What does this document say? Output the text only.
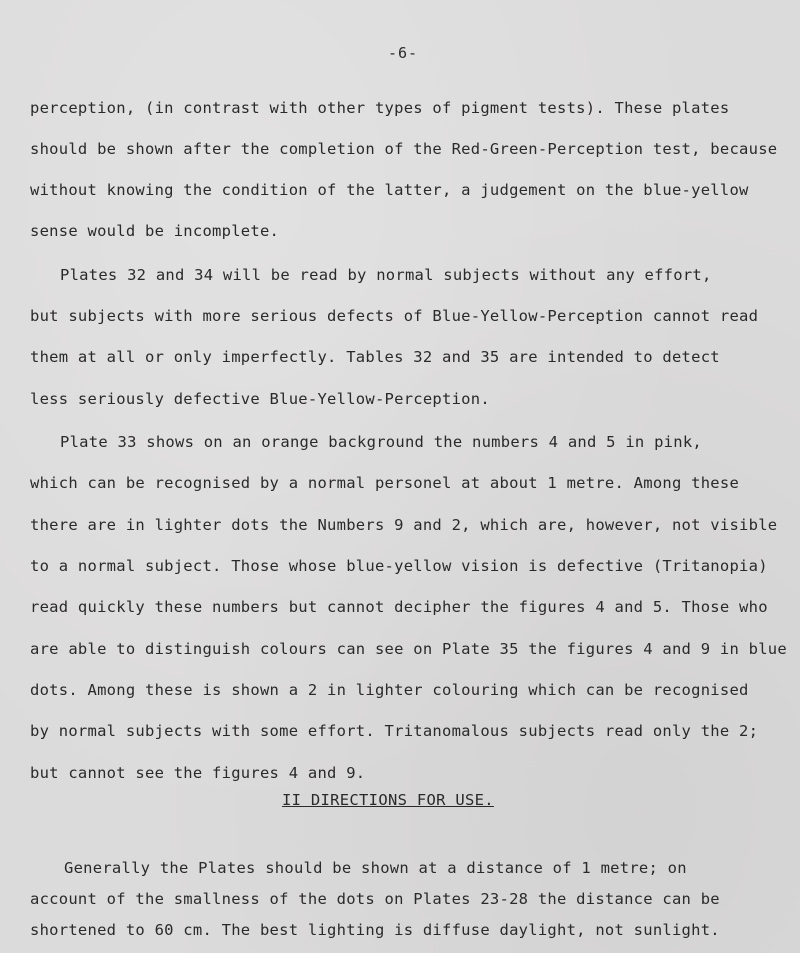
-6-
perception, (in contrast with other types of pigment tests). These plates
should be shown after the completion of the Red-Green-Perception test, because
without knowing the condition of the latter, a judgement on the blue-yellow
sense would be incomplete.
Plates 32 and 34 will be read by normal subjects without any effort,
but subjects with more serious defects of Blue-Yellow-Perception cannot read
them at all or only imperfectly. Tables 32 and 35 are intended to detect
less seriously defective Blue-Yellow-Perception.
Plate 33 shows on an orange background the numbers 4 and 5 in pink,
which can be recognised by a normal personel at about 1 metre. Among these
there are in lighter dots the Numbers 9 and 2, which are, however, not visible
to a normal subject. Those whose blue-yellow vision is defective (Tritanopia)
read quickly these numbers but cannot decipher the figures 4 and 5. Those who
are able to distinguish colours can see on Plate 35 the figures 4 and 9 in blue
dots. Among these is shown a 2 in lighter colouring which can be recognised
by normal subjects with some effort. Tritanomalous subjects read only the 2;
but cannot see the figures 4 and 9.
II DIRECTIONS FOR USE.
Generally the Plates should be shown at a distance of 1 metre; on
account of the smallness of the dots on Plates 23-28 the distance can be
shortened to 60 cm. The best lighting is diffuse daylight, not sunlight.
